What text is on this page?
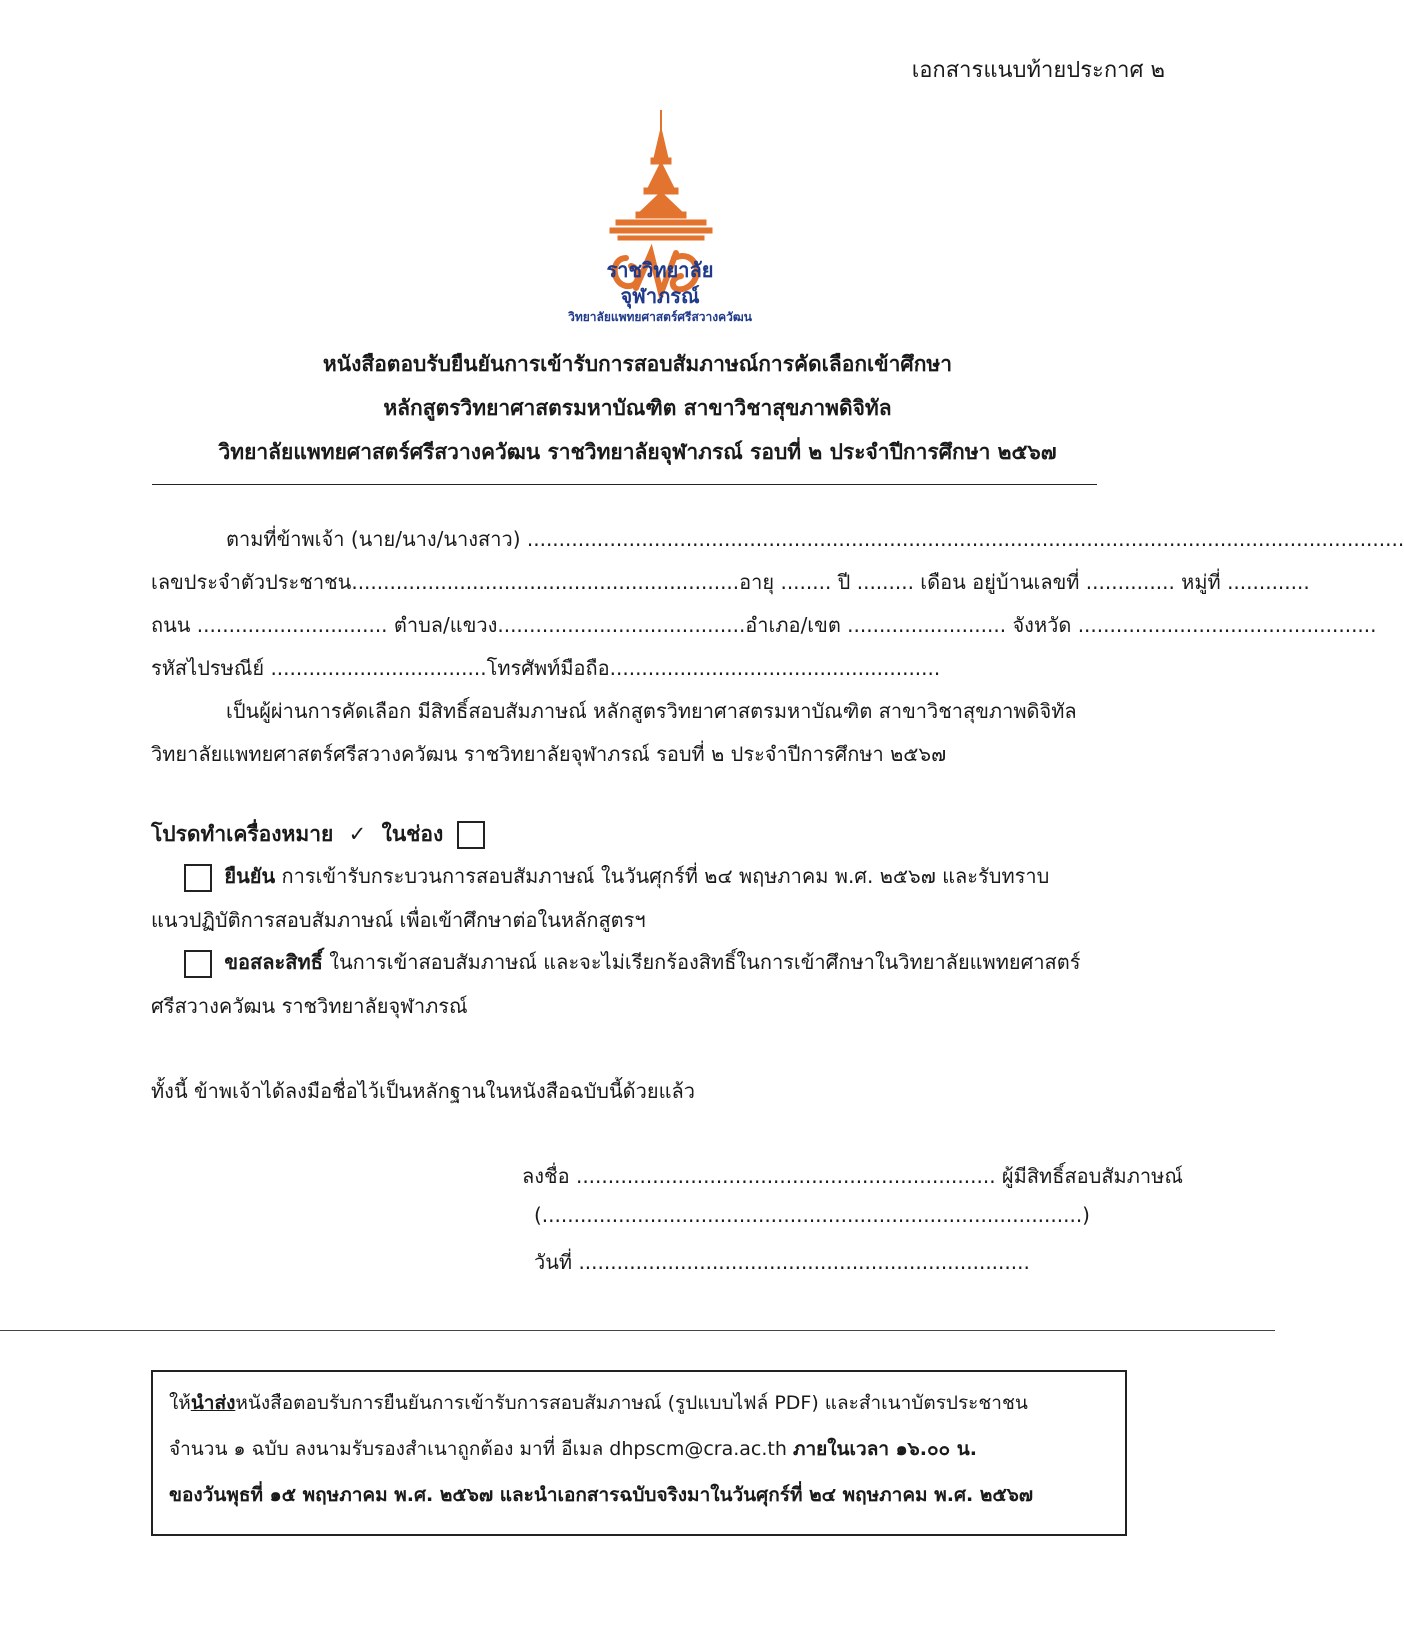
เอกสารแนบท้ายประกาศ ๒
ราชวิทยาลัย
จุฬาภรณ์
วิทยาลัยแพทยศาสตร์ศรีสวางควัฒน
หนังสือตอบรับยืนยันการเข้ารับการสอบสัมภาษณ์การคัดเลือกเข้าศึกษา
หลักสูตรวิทยาศาสตรมหาบัณฑิต สาขาวิชาสุขภาพดิจิทัล
วิทยาลัยแพทยศาสตร์ศรีสวางควัฒน ราชวิทยาลัยจุฬาภรณ์ รอบที่ ๒ ประจำปีการศึกษา ๒๕๖๗
ตามที่ข้าพเจ้า (นาย/นาง/นางสาว) ..........................................................................................................................................
เลขประจำตัวประชาชน.............................................................อายุ ........ ปี ......... เดือน อยู่บ้านเลขที่ .............. หมู่ที่ .............
ถนน .............................. ตำบล/แขวง.......................................อำเภอ/เขต ......................... จังหวัด ...............................................
รหัสไปรษณีย์ ..................................โทรศัพท์มือถือ....................................................
เป็นผู้ผ่านการคัดเลือก มีสิทธิ์สอบสัมภาษณ์ หลักสูตรวิทยาศาสตรมหาบัณฑิต สาขาวิชาสุขภาพดิจิทัล
วิทยาลัยแพทยศาสตร์ศรีสวางควัฒน ราชวิทยาลัยจุฬาภรณ์ รอบที่ ๒ ประจำปีการศึกษา ๒๕๖๗
โปรดทำเครื่องหมาย ✓ ในช่อง
ยืนยัน การเข้ารับกระบวนการสอบสัมภาษณ์ ในวันศุกร์ที่ ๒๔ พฤษภาคม พ.ศ. ๒๕๖๗ และรับทราบ
แนวปฏิบัติการสอบสัมภาษณ์ เพื่อเข้าศึกษาต่อในหลักสูตรฯ
ขอสละสิทธิ์ ในการเข้าสอบสัมภาษณ์ และจะไม่เรียกร้องสิทธิ์ในการเข้าศึกษาในวิทยาลัยแพทยศาสตร์
ศรีสวางควัฒน ราชวิทยาลัยจุฬาภรณ์
ทั้งนี้ ข้าพเจ้าได้ลงมือชื่อไว้เป็นหลักฐานในหนังสือฉบับนี้ด้วยแล้ว
ลงชื่อ .................................................................. ผู้มีสิทธิ์สอบสัมภาษณ์
(.....................................................................................)
วันที่ .......................................................................
ให้นำส่งหนังสือตอบรับการยืนยันการเข้ารับการสอบสัมภาษณ์ (รูปแบบไฟล์ PDF) และสำเนาบัตรประชาชน
จำนวน ๑ ฉบับ ลงนามรับรองสำเนาถูกต้อง มาที่ อีเมล dhpscm@cra.ac.th ภายในเวลา ๑๖.๐๐ น.
ของวันพุธที่ ๑๕ พฤษภาคม พ.ศ. ๒๕๖๗ และนำเอกสารฉบับจริงมาในวันศุกร์ที่ ๒๔ พฤษภาคม พ.ศ. ๒๕๖๗
